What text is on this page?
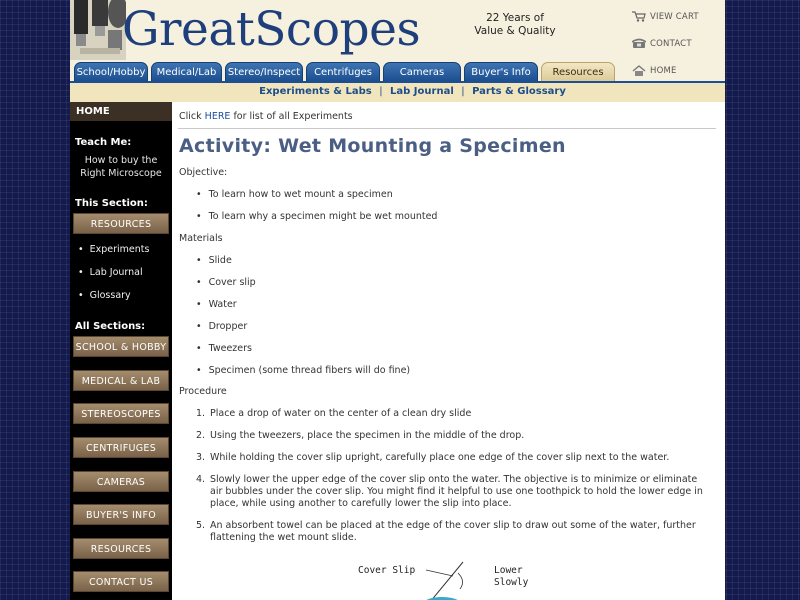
GreatScopes	22 Years of
Value & Quality
VIEW CART
CONTACT
School/Hobby	Medical/Lab	Stereo/Inspect	Centrifuges	Cameras	Buyer's Info	Resources	HOME
Experiments & Labs | Lab Journal | Parts & Glossary
HOME
Teach Me:
How to buy the
Right Microscope
This Section:
RESOURCES
• Experiments
• Lab Journal
• Glossary
All Sections:
SCHOOL & HOBBY
MEDICAL & LAB
STEREOSCOPES
CENTRIFUGES
CAMERAS
BUYER'S INFO
RESOURCES
CONTACT US
Click HERE for list of all Experiments
Activity: Wet Mounting a Specimen
Objective:
• To learn how to wet mount a specimen
• To learn why a specimen might be wet mounted
Materials
• Slide
• Cover slip
• Water
• Dropper
• Tweezers
• Specimen (some thread fibers will do fine)
Procedure
1. Place a drop of water on the center of a clean dry slide
2. Using the tweezers, place the specimen in the middle of the drop.
3. While holding the cover slip upright, carefully place one edge of the cover slip next to the water.
4. Slowly lower the upper edge of the cover slip onto the water. The objective is to minimize or eliminate air bubbles under the cover slip. You might find it helpful to use one toothpick to hold the lower edge in place, while using another to carefully lower the slip into place.
5. An absorbent towel can be placed at the edge of the cover slip to draw out some of the water, further flattening the wet mount slide.
Cover Slip	Lower
Slowly
